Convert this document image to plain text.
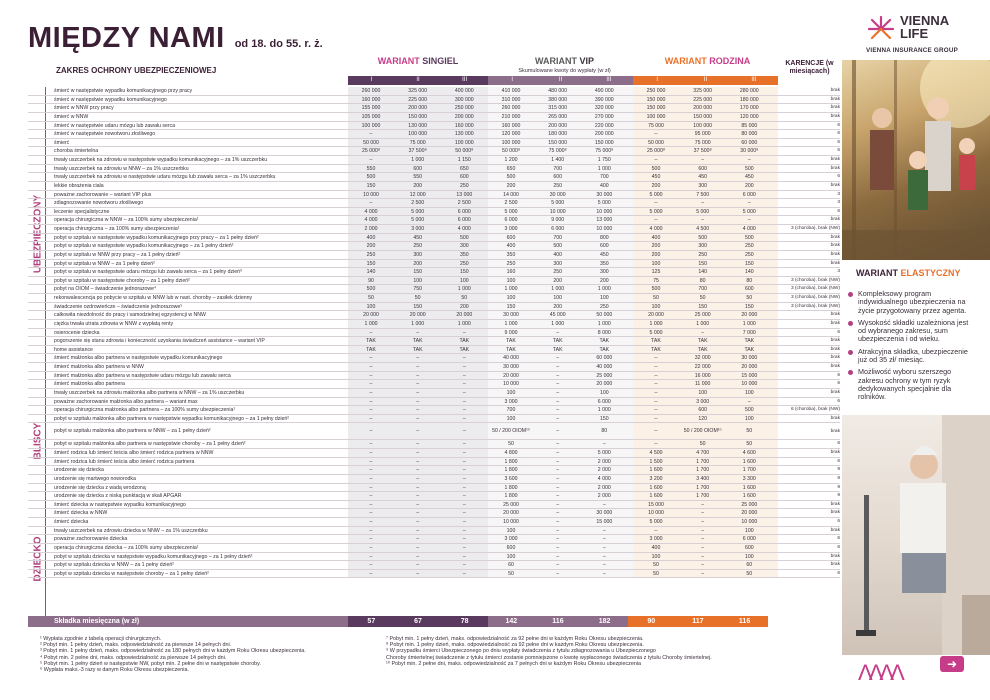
MIĘDZY NAMI od 18. do 55. r. ż.
ZAKRES OCHRONY UBEZPIECZENIOWEJ
VIENNA
LIFE
VIENNA INSURANCE GROUP
WARIANT SINGIEL	WARIANT VIP	WARIANT RODZINA
Skumulowane kwoty do wypłaty (w zł)
I	II	III	I	II	III	I	II	III
KARENCJE (w miesiącach)
UBEZPIECZONY
BLISCY
DZIECKO
śmierć w następstwie wypadku komunikacyjnego przy pracy	260 000	325 000	400 000	410 000	480 000	490 000	250 000	325 000	280 000	brak
śmierć w następstwie wypadku komunikacyjnego	160 000	225 000	300 000	310 000	380 000	390 000	150 000	225 000	180 000	brak
śmierć w NNW przy pracy	155 000	200 000	250 000	260 000	315 000	320 000	150 000	200 000	170 000	brak
śmierć w NNW	105 000	150 000	200 000	210 000	265 000	270 000	100 000	150 000	120 000	brak
śmierć w następstwie udaru mózgu lub zawału serca	100 000	130 000	160 000	160 000	200 000	220 000	75 000	100 000	85 000	6
śmierć w następstwie nowotworu złośliwego	–	100 000	130 000	120 000	180 000	200 000	–	95 000	80 000	6
śmierć	50 000	75 000	100 000	100 000	150 000	150 000	50 000	75 000	60 000	6
choroba śmiertelna	25 000⁸	37 500⁸	50 000⁸	50 000⁸	75 000⁸	75 000⁸	25 000⁸	37 500⁸	30 000⁸	6
trwały uszczerbek na zdrowiu w następstwie wypadku komunikacyjnego – za 1% uszczerbku	–	1 000	1 150	1 200	1 400	1 750	–	–	–	brak
trwały uszczerbek na zdrowiu w NNW – za 1% uszczerbku	550	600	650	650	700	1 000	500	600	500	brak
trwały uszczerbek na zdrowiu w następstwie udaru mózgu lub zawału serca – za 1% uszczerbku	500	550	600	500	600	700	450	450	450	6
lekkie obrażenia ciała	150	200	250	200	250	400	200	300	200	brak
poważne zachorowanie – wariant VIP plus	10 000	12 000	13 000	14 000	30 000	30 000	5 000	7 500	6 000	3
zdiagnozowanie nowotworu złośliwego	–	2 500	2 500	2 500	5 000	5 000	–	–	–	3
leczenie specjalistyczne	4 000	5 000	6 000	5 000	10 000	10 000	5 000	5 000	5 000	6
operacja chirurgiczna w NNW – za 100% sumy ubezpieczenia¹	4 000	5 000	6 000	6 000	9 000	13 000	–	–	–	brak
operacja chirurgiczna – za 100% sumy ubezpieczenia¹	2 000	3 000	4 000	3 000	6 000	10 000	4 000	4 500	4 000	3 (choroba), brak (NW)
pobyt w szpitalu w następstwie wypadku komunikacyjnego przy pracy – za 1 pełny dzień²	400	450	500	600	700	800	400	500	500	brak
pobyt w szpitalu w następstwie wypadku komunikacyjnego – za 1 pełny dzień²	200	250	300	400	500	600	200	300	250	brak
pobyt w szpitalu w NNW przy pracy – za 1 pełny dzień²	250	300	350	350	400	450	200	250	250	brak
pobyt w szpitalu w NNW – za 1 pełny dzień²	150	200	250	250	300	350	100	150	150	brak
pobyt w szpitalu w następstwie udaru mózgu lub zawału serca – za 1 pełny dzień³	140	150	150	160	250	300	125	140	140	3
pobyt w szpitalu w następstwie choroby – za 1 pełny dzień²	90	100	100	100	200	200	75	80	80	3 (choroba), brak (NW)
pobyt na OIOM – świadczenie jednorazowe⁴	500	750	1 000	1 000	1 000	1 000	500	700	600	3 (choroba), brak (NW)
rekonwalescencja po pobycie w szpitalu w NNW lub w nast. choroby – zasiłek dzienny	50	50	50	100	100	100	50	50	50	3 (choroba), brak (NW)
świadczenie ozdrowieńcze – świadczenie jednorazowe⁵	100	150	200	150	200	250	100	150	150	3 (choroba), brak (NW)
całkowita niezdolność do pracy i samodzielnej egzystencji w NNW	20 000	20 000	20 000	30 000	45 000	50 000	20 000	25 000	20 000	brak
ciężka trwała utrata zdrowia w NNW z wypłatą renty	1 000	1 000	1 000	1 000	1 000	1 000	1 000	1 000	1 000	brak
osierocenie dziecka	–	–	–	9 000	–	8 000	5 000	–	7 000	6
pogorszenie się stanu zdrowia i konieczność uzyskania świadczeń assistance – wariant VIP	TAK	TAK	TAK	TAK	TAK	TAK	TAK	TAK	TAK	brak
home assistance	TAK	TAK	TAK	TAK	TAK	TAK	TAK	TAK	TAK	brak
śmierć małżonka albo partnera w następstwie wypadku komunikacyjnego	–	–	–	40 000	–	60 000	–	32 000	30 000	brak
śmierć małżonka albo partnera w NNW	–	–	–	30 000	–	40 000	–	22 000	20 000	brak
śmierć małżonka albo partnera w następstwie udaru mózgu lub zawału serca	–	–	–	20 000	–	25 000	–	16 000	15 000	6
śmierć małżonka albo partnera	–	–	–	10 000	–	20 000	–	11 000	10 000	6
trwały uszczerbek na zdrowiu małżonka albo partnera w NNW – za 1% uszczerbku	–	–	–	100	–	100	–	100	100	brak
poważne zachorowanie małżonka albo partnera – wariant max	–	–	–	3 000	–	6 000	–	3 000	–	6
operacja chirurgiczna małżonka albo partnera – za 100% sumy ubezpieczenia¹	–	–	–	700	–	1 000	–	600	500	6 (choroba), brak (NW)
pobyt w szpitalu małżonka albo partnera w następstwie wypadku komunikacyjnego – za 1 pełny dzień²	–	–	–	100	–	150	–	120	100	brak
pobyt w szpitalu małżonka albo partnera w NNW – za 1 pełny dzień²	–	–	–	50 / 200 OIOM¹⁰	–	80	–	50 / 200 OIOM¹⁰	50	brak
pobyt w szpitalu małżonka albo partnera w następstwie choroby – za 1 pełny dzień²	–	–	–	50	–	–	–	50	50	6
śmierć rodzica lub śmierć teścia albo śmierć rodzica partnera w NNW	–	–	–	4 800	–	5 000	4 500	4 700	4 600	brak
śmierć rodzica lub śmierć teścia albo śmierć rodzica partnera	–	–	–	1 800	–	2 000	1 500	1 700	1 600	6
urodzenie się dziecka	–	–	–	1 800	–	2 000	1 600	1 700	1 700	9
urodzenie się martwego noworodka	–	–	–	3 600	–	4 000	3 200	3 400	3 300	9
urodzenie się dziecka z wadą wrodzoną	–	–	–	1 800	–	2 000	1 600	1 700	1 600	9
urodzenie się dziecka z niską punktacją w skali APGAR	–	–	–	1 800	–	2 000	1 600	1 700	1 600	9
śmierć dziecka w następstwie wypadku komunikacyjnego	–	–	–	25 000	–	–	15 000	–	25 000	brak
śmierć dziecka w NNW	–	–	–	20 000	–	30 000	10 000	–	20 000	brak
śmierć dziecka	–	–	–	10 000	–	15 000	5 000	–	10 000	6
trwały uszczerbek na zdrowiu dziecka w NNW – za 1% uszczerbku	–	–	–	100	–	–	–	–	100	brak
poważne zachorowanie dziecka	–	–	–	3 000	–	–	3 000	–	6 000	6
operacja chirurgiczna dziecka – za 100% sumy ubezpieczenia¹	–	–	–	600	–	–	400	–	600	6
pobyt w szpitalu dziecka w następstwie wypadku komunikacyjnego – za 1 pełny dzień²	–	–	–	100	–	–	100	–	100	brak
pobyt w szpitalu dziecka w NNW – za 1 pełny dzień²	–	–	–	60	–	–	50	–	60	brak
pobyt w szpitalu dziecka w następstwie choroby – za 1 pełny dzień²	–	–	–	50	–	–	50	–	50	6
Składka miesięczna (w zł)	57	67	78	142	116	182	90	117	116
¹ Wypłata zgodnie z tabelą operacji chirurgicznych.
² Pobyt min. 1 pełny dzień, maks. odpowiedzialność za pierwsze 14 pełnych dni.
³ Pobyt min. 1 pełny dzień, maks. odpowiedzialność za 180 pełnych dni w każdym Roku Okresu ubezpieczenia.
⁴ Pobyt min. 2 pełne dni, maks. odpowiedzialność za pierwsze 14 pełnych dni.
⁵ Pobyt min. 1 pełny dzień w następstwie NW, pobyt min. 2 pełne dni w następstwie choroby.
⁶ Wypłata maks.-3 razy w danym Roku Okresu ubezpieczenia.
⁷ Pobyt min. 1 pełny dzień, maks. odpowiedzialność za 92 pełne dni w każdym Roku Okresu ubezpieczenia.
⁸ Pobyt min. 1 pełny dzień, maks. odpowiedzialność za 92 pełne dni w każdym Roku Okresu ubezpieczenia.
⁹ W przypadku śmierci Ubezpieczonego po dniu wypłaty świadczenia z tytułu zdiagnozowania u Ubezpieczonego
Choroby śmiertelnej świadczenie z tytułu śmierci zostanie pomniejszone o kwotę wypłaconego świadczenia z tytułu Choroby śmiertelnej.
¹⁰ Pobyt min. 2 pełne dni, maks. odpowiedzialność za 7 pełnych dni w każdym Roku Okresu ubezpieczenia
WARIANT ELASTYCZNY
Kompleksowy program indywidualnego ubezpieczenia na życie przygotowany przez agenta.
Wysokość składki uzależniona jest od wybranego zakresu, sum ubezpieczenia i od wieku.
Atrakcyjna składka, ubezpieczenie już od 35 zł/ miesiąc.
Możliwość wyboru szerszego zakresu ochrony w tym ryzyk dedykowanych specjalnie dla rolników.
ɅɅɅɅ	➜
